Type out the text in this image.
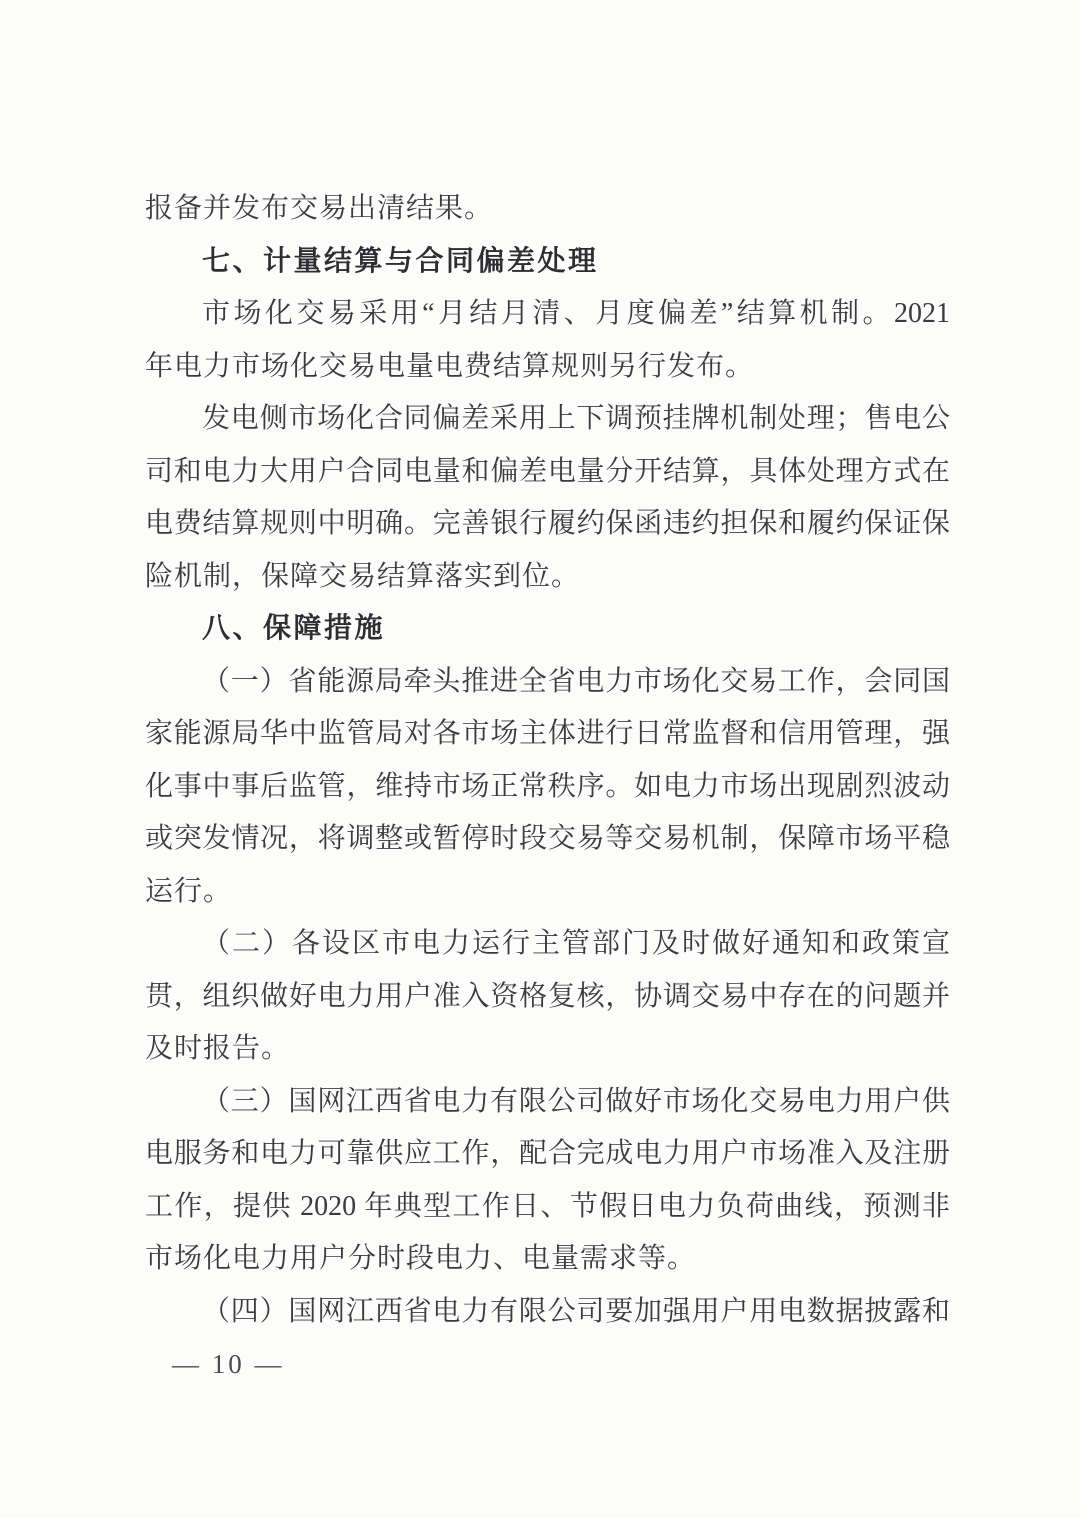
报备并发布交易出清结果。
七、计量结算与合同偏差处理
市场化交易采用“月结月清、月度偏差”结算机制。2021
年电力市场化交易电量电费结算规则另行发布。
发电侧市场化合同偏差采用上下调预挂牌机制处理；售电公
司和电力大用户合同电量和偏差电量分开结算，具体处理方式在
电费结算规则中明确。完善银行履约保函违约担保和履约保证保
险机制，保障交易结算落实到位。
八、保障措施
（一）省能源局牵头推进全省电力市场化交易工作，会同国
家能源局华中监管局对各市场主体进行日常监督和信用管理，强
化事中事后监管，维持市场正常秩序。如电力市场出现剧烈波动
或突发情况，将调整或暂停时段交易等交易机制，保障市场平稳
运行。
（二）各设区市电力运行主管部门及时做好通知和政策宣
贯，组织做好电力用户准入资格复核，协调交易中存在的问题并
及时报告。
（三）国网江西省电力有限公司做好市场化交易电力用户供
电服务和电力可靠供应工作，配合完成电力用户市场准入及注册
工作，提供 2020 年典型工作日、节假日电力负荷曲线，预测非
市场化电力用户分时段电力、电量需求等。
（四）国网江西省电力有限公司要加强用户用电数据披露和
— 10 —
